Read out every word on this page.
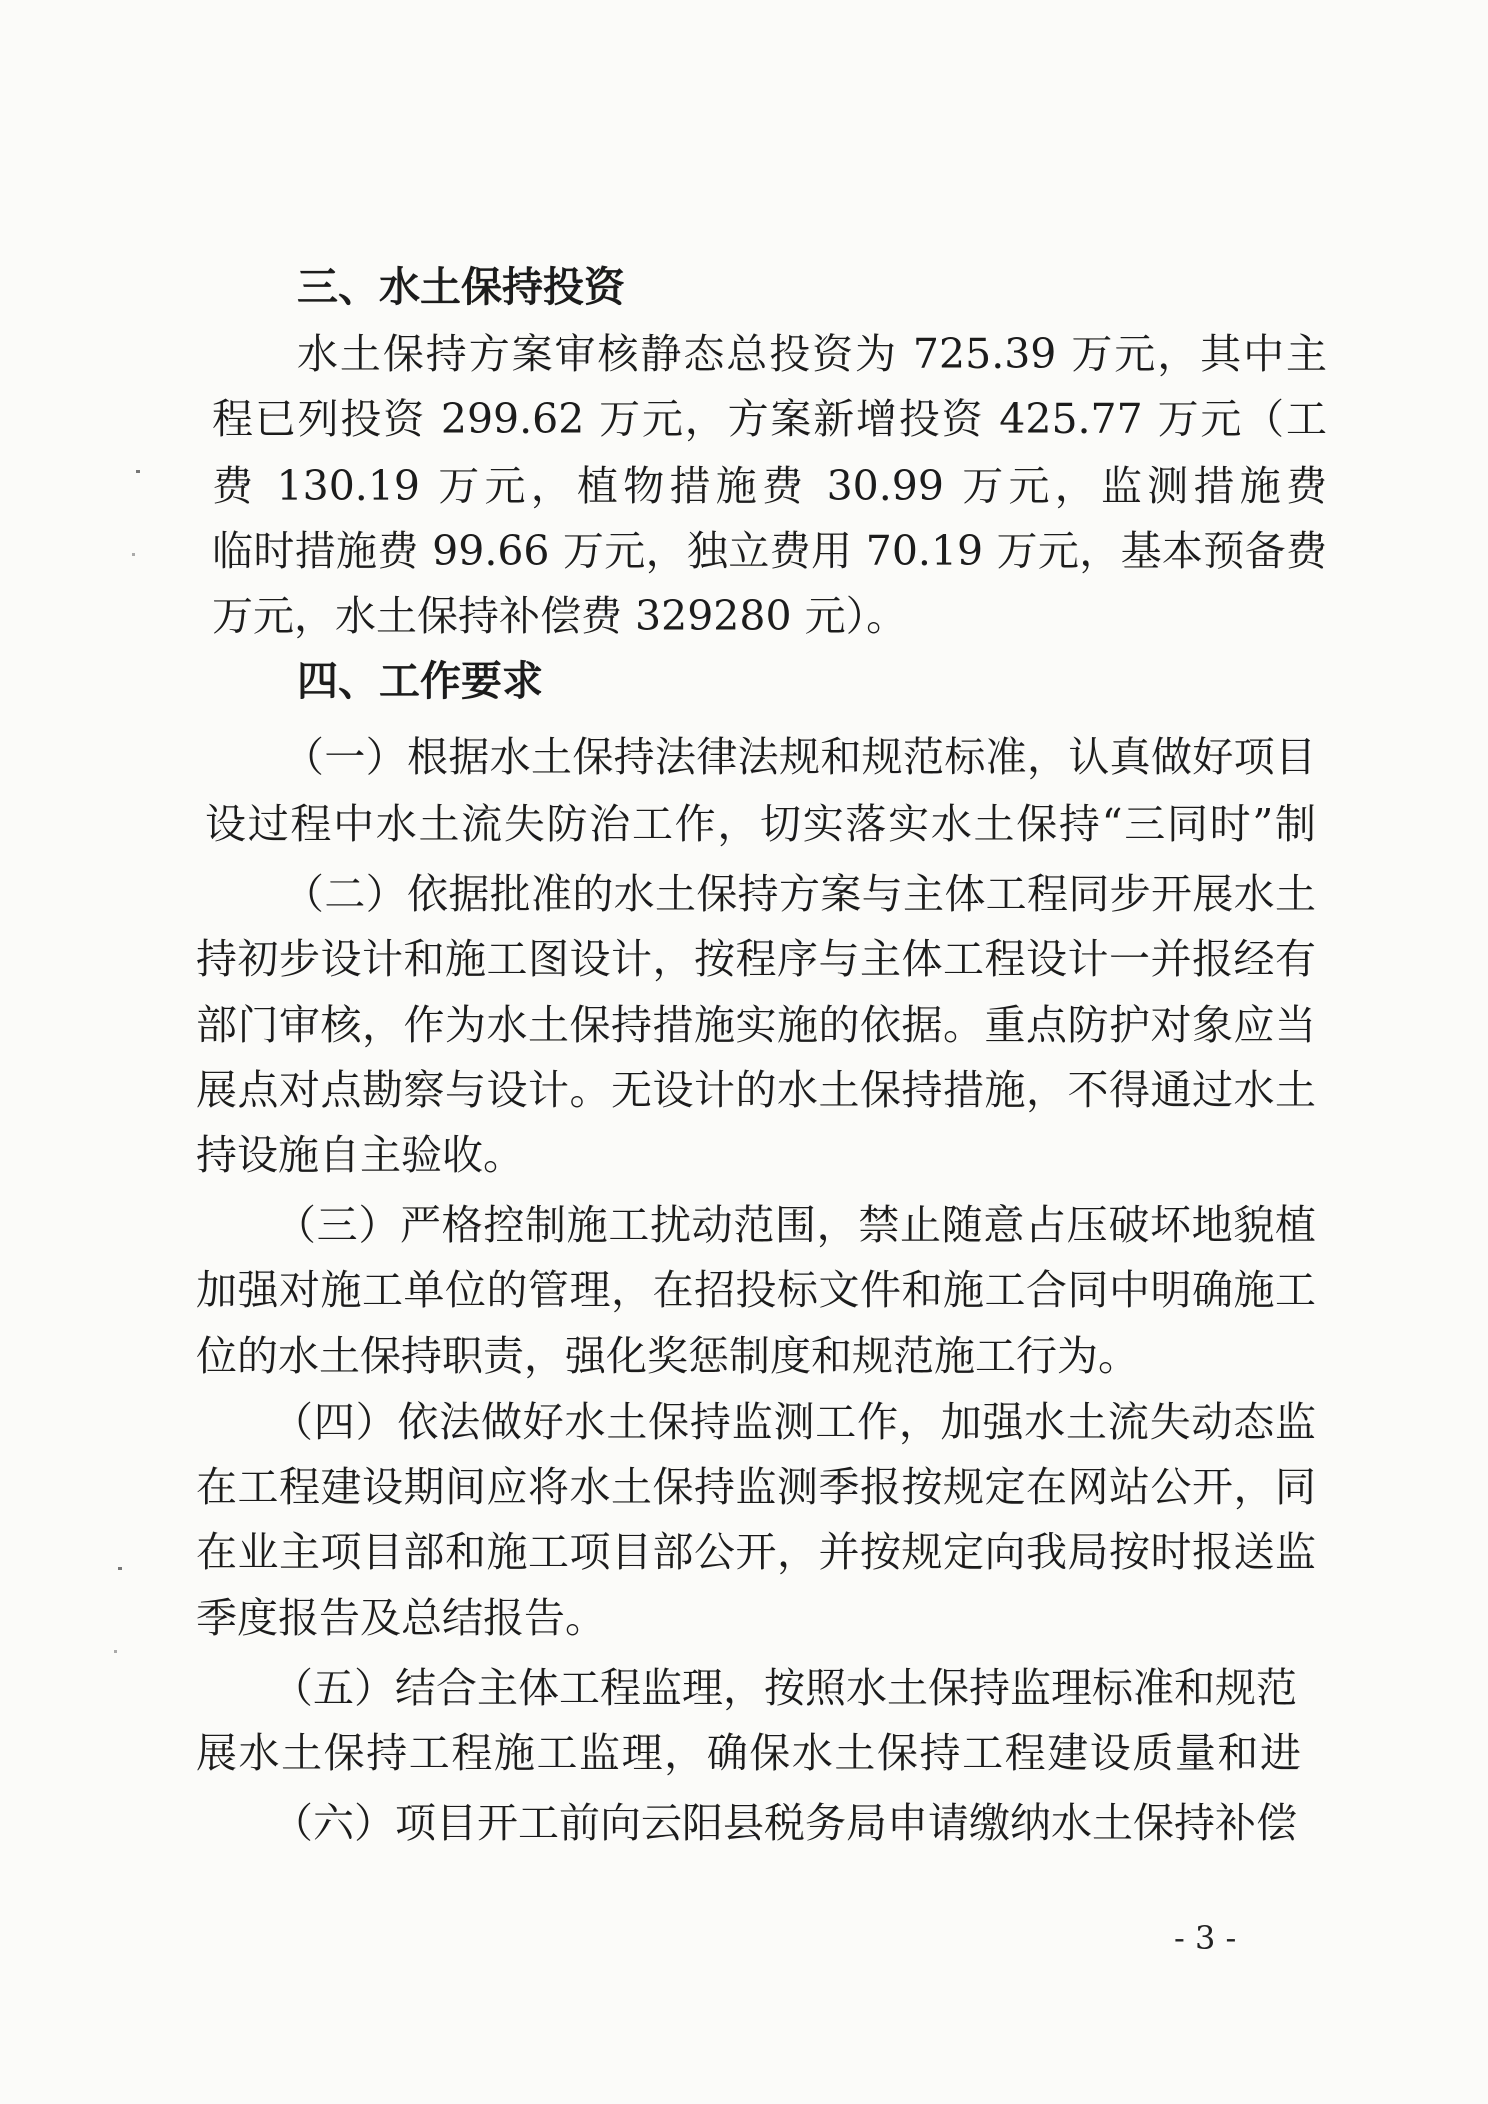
三、水土保持投资
水土保持方案审核静态总投资为 725.39 万元，其中主
程已列投资 299.62 万元，方案新增投资 425.77 万元（工
费 130.19 万元，植物措施费 30.99 万元，监测措施费
临时措施费 99.66 万元，独立费用 70.19 万元，基本预备费
万元，水土保持补偿费 329280 元）。
四、工作要求
（一）根据水土保持法律法规和规范标准，认真做好项目
设过程中水土流失防治工作，切实落实水土保持“三同时”制
（二）依据批准的水土保持方案与主体工程同步开展水土
持初步设计和施工图设计，按程序与主体工程设计一并报经有
部门审核，作为水土保持措施实施的依据。重点防护对象应当
展点对点勘察与设计。无设计的水土保持措施，不得通过水土
持设施自主验收。
（三）严格控制施工扰动范围，禁止随意占压破坏地貌植
加强对施工单位的管理，在招投标文件和施工合同中明确施工
位的水土保持职责，强化奖惩制度和规范施工行为。
（四）依法做好水土保持监测工作，加强水土流失动态监
在工程建设期间应将水土保持监测季报按规定在网站公开，同
在业主项目部和施工项目部公开，并按规定向我局按时报送监
季度报告及总结报告。
（五）结合主体工程监理，按照水土保持监理标准和规范
展水土保持工程施工监理，确保水土保持工程建设质量和进
（六）项目开工前向云阳县税务局申请缴纳水土保持补偿
- 3 -
